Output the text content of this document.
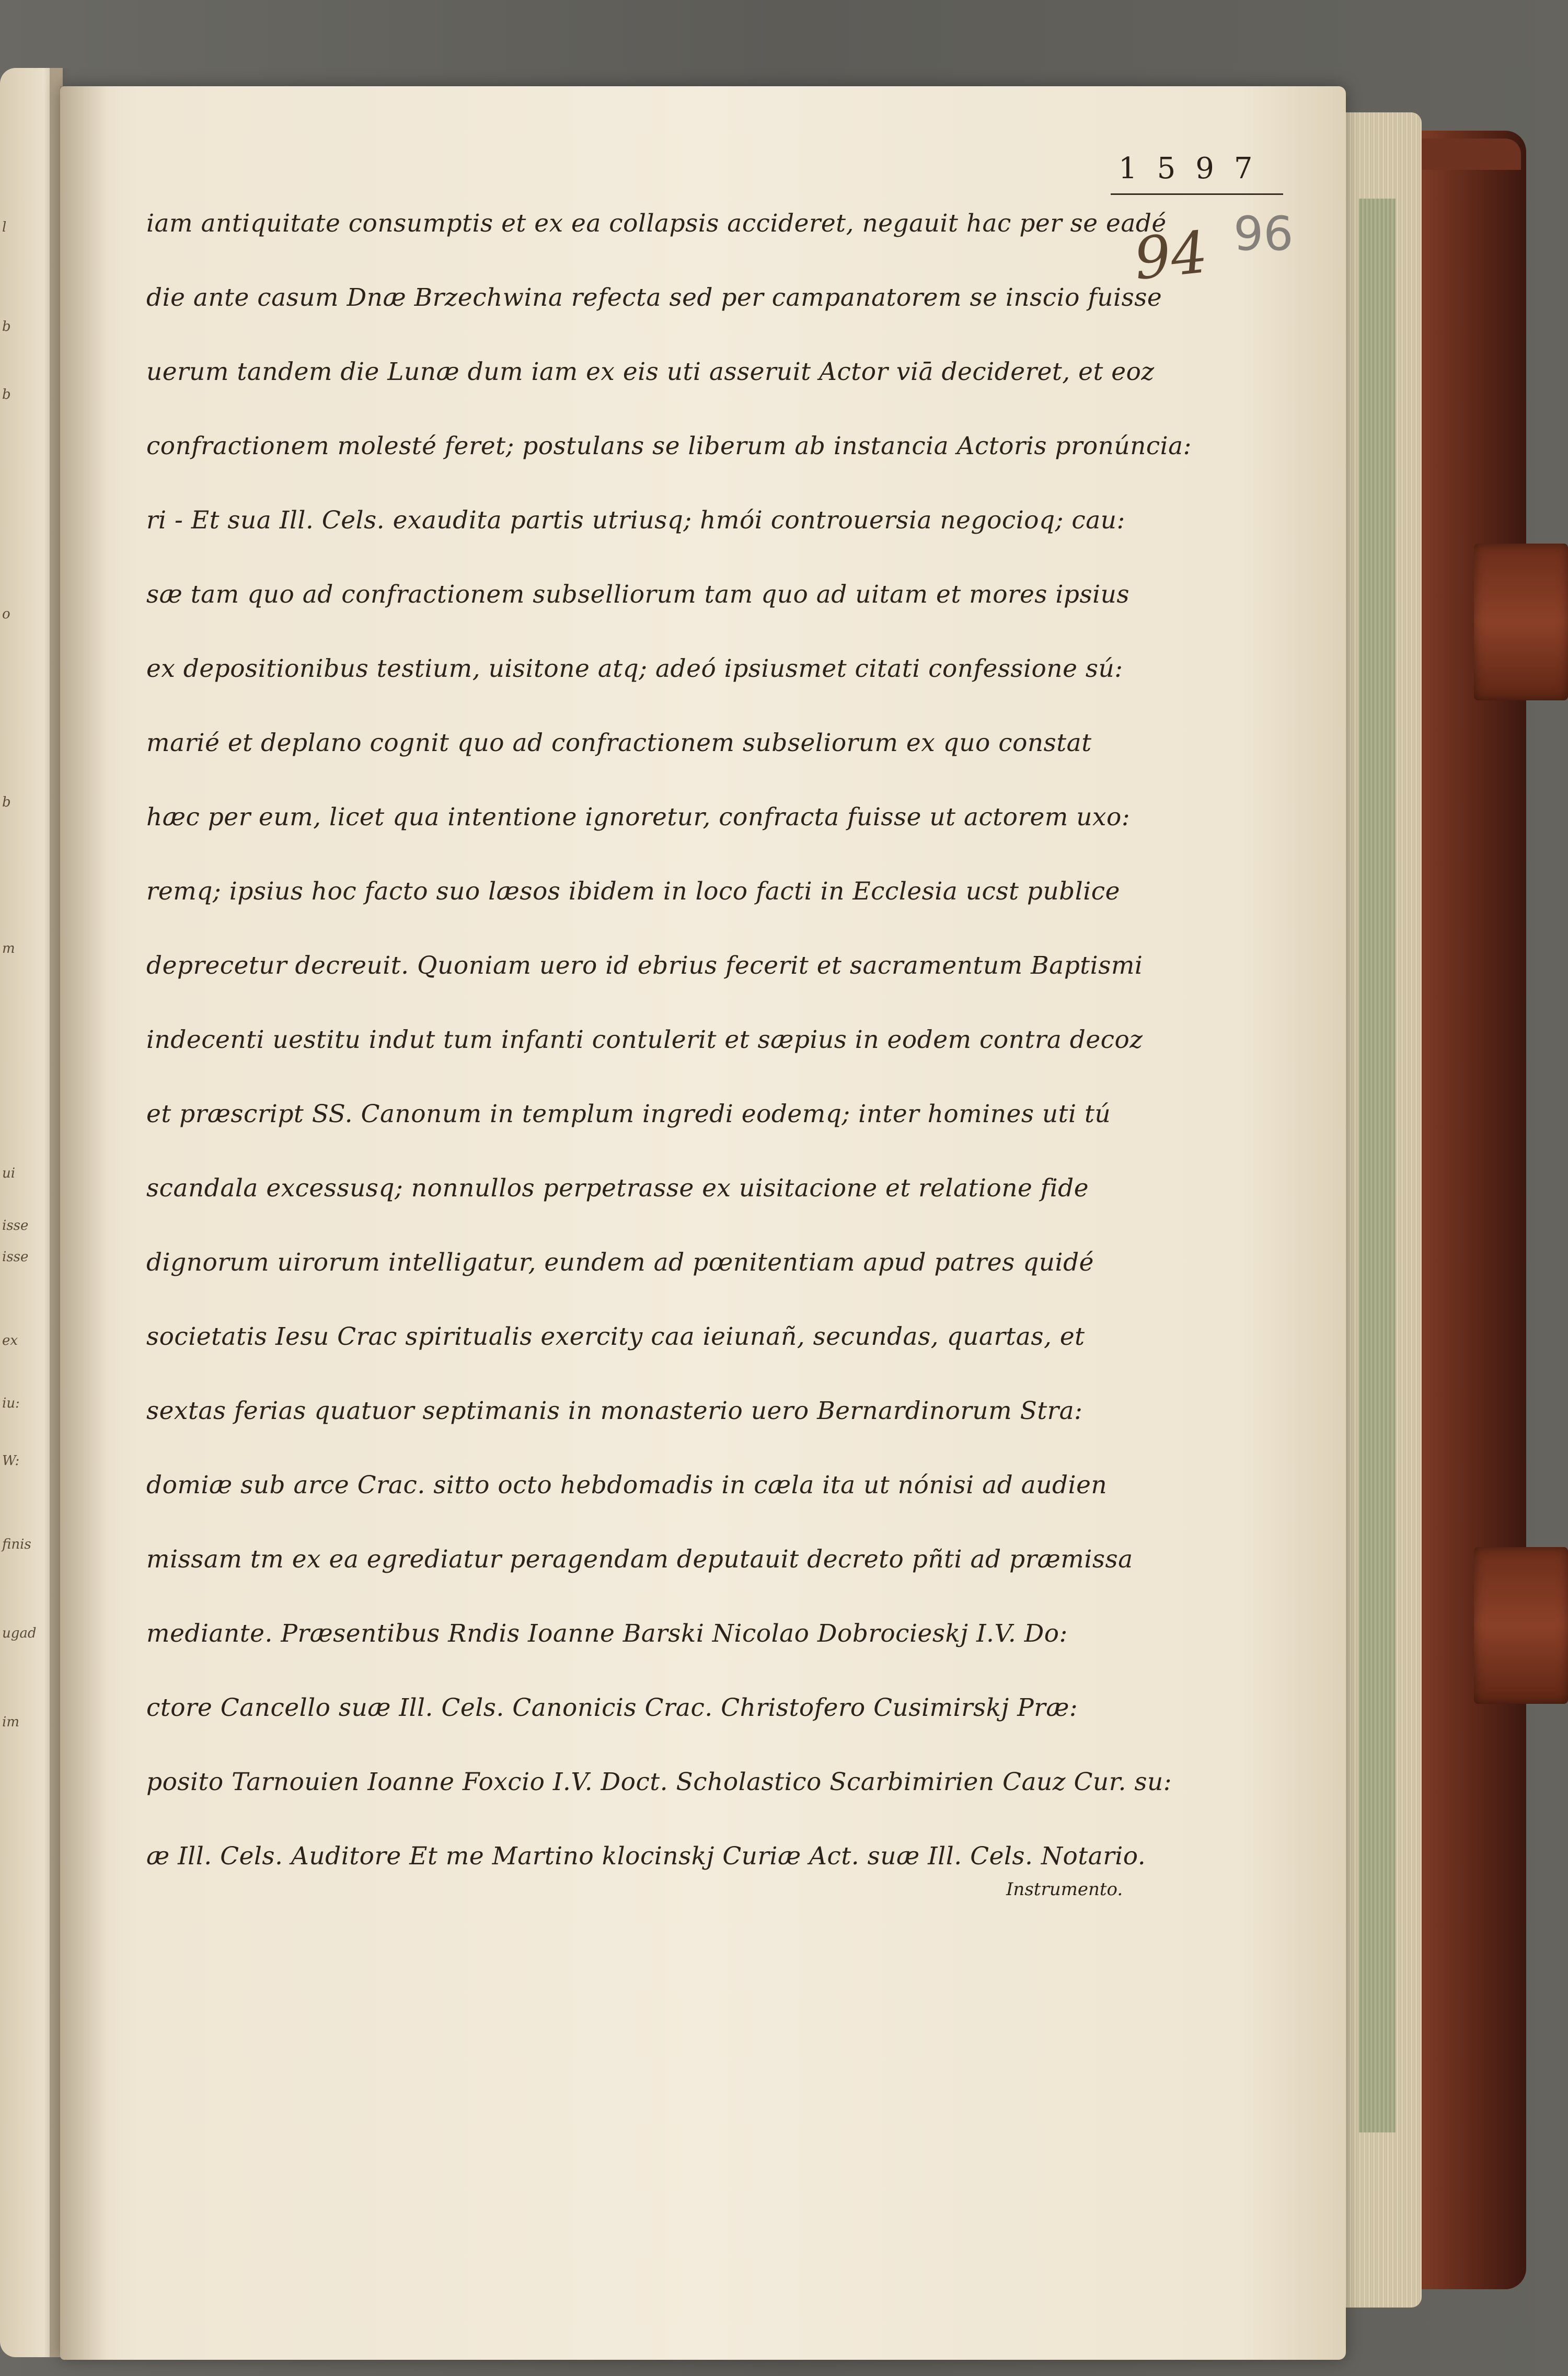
l
b
b
o
b
m
ui
isse
isse
ex
iu:
W:
finis
ugad
im
1597
94 96
iam antiquitate consumptis et ex ea collapsis accideret, negauit hac per se eadé
die ante casum Dnæ Brzechwina refecta sed per campanatorem se inscio fuisse
uerum tandem die Lunæ dum iam ex eis uti asseruit Actor viā decideret, et eoz
confractionem molesté feret; postulans se liberum ab instancia Actoris pronúncia:
ri - Et sua Ill. Cels. exaudita partis utriusq; hmói controuersia negocioq; cau:
sæ tam quo ad confractionem subselliorum tam quo ad uitam et mores ipsius
ex depositionibus testium, uisitone atq; adeó ipsiusmet citati confessione sú:
marié et deplano cognit quo ad confractionem subseliorum ex quo constat
hæc per eum, licet qua intentione ignoretur, confracta fuisse ut actorem uxo:
remq; ipsius hoc facto suo læsos ibidem in loco facti in Ecclesia ucst publice
deprecetur decreuit. Quoniam uero id ebrius fecerit et sacramentum Baptismi
indecenti uestitu indut tum infanti contulerit et sæpius in eodem contra decoz
et præscript SS. Canonum in templum ingredi eodemq; inter homines uti tú
scandala excessusq; nonnullos perpetrasse ex uisitacione et relatione fide
dignorum uirorum intelligatur, eundem ad pœnitentiam apud patres quidé
societatis Iesu Crac spiritualis exercity caa ieiunañ, secundas, quartas, et
sextas ferias quatuor septimanis in monasterio uero Bernardinorum Stra:
domiæ sub arce Crac. sitto octo hebdomadis in cæla ita ut nónisi ad audien
missam tm ex ea egrediatur peragendam deputauit decreto pñti ad præmissa
mediante. Præsentibus Rndis Ioanne Barski Nicolao Dobrocieskj I.V. Do:
ctore Cancello suæ Ill. Cels. Canonicis Crac. Christofero Cusimirskj Præ:
posito Tarnouien Ioanne Foxcio I.V. Doct. Scholastico Scarbimirien Cauz Cur. su:
æ Ill. Cels. Auditore Et me Martino klocinskj Curiæ Act. suæ Ill. Cels. Notario.
Instrumento.
